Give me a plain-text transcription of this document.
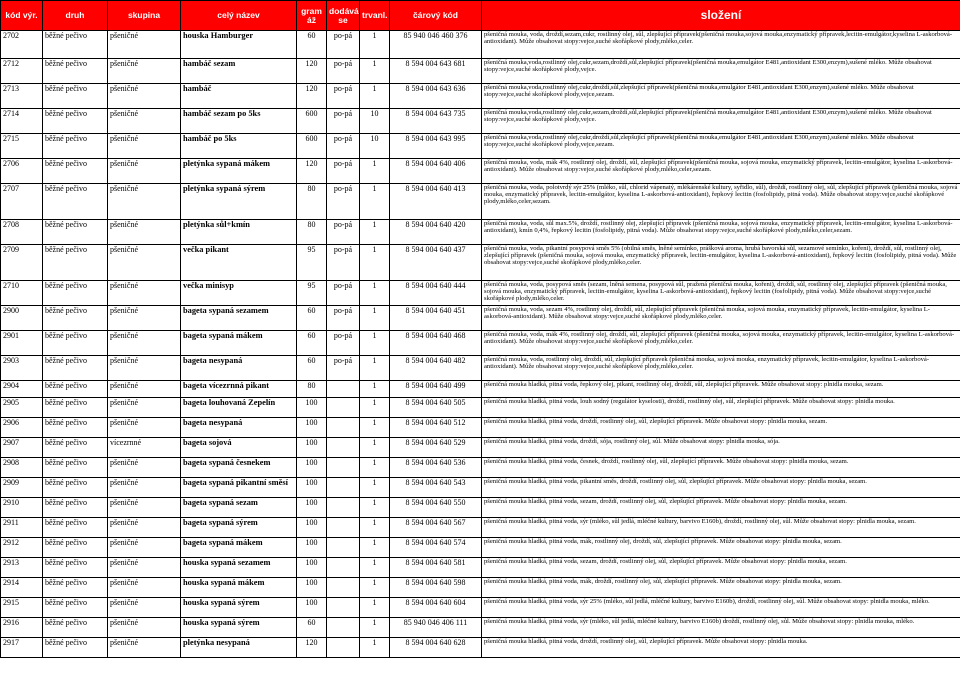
kód výr.	druh	skupina	celý název	gram áž	dodává se	trvanl.	čárový kód	složení
2702	běžné pečivo	pšeničné	houska Hamburger	60	po-pá	1	85 940 046 460 376	pšeničná mouka, voda, droždí,sezam,cukr, rostlinný olej, sůl, zlepšující přípravek(pšeničná mouka,sojová mouka,enzymatický přípravek,lecitin-emulgátor,kyselina L-askorbová-antioxidant). Může obsahovat stopy:vejce,suché skořápkové plody,mléko,celer.
2712	běžné pečivo	pšeničné	hambáč sezam	120	po-pá	1	8 594 004 643 681	pšeničná mouka,voda,rostlinný olej,cukr,sezam,droždí,sůl,zlepšující přípravek(pšeničná mouka,emulgátor E481,antioxidant E300,enzym),sušené mléko. Může obsahovat stopy:vejce,suché skořápkové plody,vejce.
2713	běžné pečivo	pšeničné	hambáč	120	po-pá	1	8 594 004 643 636	pšeničná mouka,voda,rostlinný olej,cukr,droždí,sůl,zlepšující přípravek(pšeničná mouka,emulgátor E481,antioxidant E300,enzym),sušené mléko. Může obsahovat stopy:vejce,suché skořápkové plody,vejce,sezam.
2714	běžné pečivo	pšeničné	hambáč sezam po 5ks	600	po-pá	10	8 594 004 643 735	pšeničná mouka,voda,rostlinný olej,cukr,sezam,droždí,sůl,zlepšující přípravek(pšeničná mouka,emulgátor E481,antioxidant E300,enzym),sušené mléko. Může obsahovat stopy:vejce,suché skořápkové plody,vejce.
2715	běžné pečivo	pšeničné	hambáč po 5ks	600	po-pá	10	8 594 004 643 995	pšeničná mouka,voda,rostlinný olej,cukr,droždí,sůl,zlepšující přípravek(pšeničná mouka,emulgátor E481,antioxidant E300,enzym),sušené mléko. Může obsahovat stopy:vejce,suché skořápkové plody,vejce,sezam.
2706	běžné pečivo	pšeničné	pletýnka sypaná mákem	120	po-pá	1	8 594 004 640 406	pšeničná mouka, voda, mák 4%, rostlinný olej, droždí, sůl, zlepšující přípravek(pšeničná mouka, sojová mouka, enzymatický přípravek, lecitin-emulgátor, kyselina L-askorbová-antioxidant). Může obsahovat stopy:vejce,suché skořápkové plody,mléko,celer,sezam.
2707	běžné pečivo	pšeničné	pletýnka sypaná sýrem	80	po-pá	1	8 594 004 640 413	pšeničná mouka, voda, polotvrdý sýr 25% (mléko, sůl, chlorid vápenatý, mlékárenské kultury, syřidlo, sůl), droždí, rostlinný olej, sůl, zlepšující přípravek (pšeničná mouka, sojová mouka, enzymatický přípravek, lecitin-emulgátor, kyselina L-askorbová-antioxidant), řepkový lecitin (fosfolipidy, pitná voda). Může obsahovat stopy:vejce,suché skořápkové plody,mléko,celer,sezam.
2708	běžné pečivo	pšeničné	pletýnka sůl+kmín	80	po-pá	1	8 594 004 640 420	pšeničná mouka, voda, sůl max.5%, droždí, rostlinný olej, zlepšující přípravek (pšeničná mouka, sojová mouka, enzymatický přípravek, lecitin-emulgátor, kyselina L-askorbová-antioxidant), kmín 0,4%, řepkový lecitin (fosfolipidy, pitná voda). Může obsahovat stopy:vejce,suché skořápkové plody,mléko,celer,sezam.
2709	běžné pečivo	pšeničné	večka pikant	95	po-pá	1	8 594 004 640 437	pšeničná mouka, voda, pikantní posypová směs 5% (obilná směs, lněné semínko, prášková aroma, hrubá bavorská sůl, sezamové semínko, kořeni), droždí, sůl, rostlinný olej, zlepšující přípravek (pšeničná mouka, sojová mouka, enzymatický přípravek, lecitin-emulgátor, kyselina L-askorbová-antioxidant), řepkový lecitin (fosfolipidy, pitná voda). Může obsahovat stopy:vejce,suché skořápkové plody,mléko,celer.
2710	běžné pečivo	pšeničné	večka minisyp	95	po-pá	1	8 594 004 640 444	pšeničná mouka, voda, posypová směs (sezam, lněná semena, posypová sůl, pražená pšeničná mouka, kořeni), droždí, sůl, rostlinný olej, zlepšující přípravek (pšeničná mouka, sojová mouka, enzymatický přípravek, lecitin-emulgátor, kyselina L-askorbová-antioxidant), řepkový lecitin (fosfolipidy, pitná voda). Může obsahovat stopy:vejce,suché skořápkové plody,mléko,celer.
2900	běžné pečivo	pšeničné	bageta sypaná sezamem	60	po-pá	1	8 594 004 640 451	pšeničná mouka, voda, sezam 4%, rostlinný olej, droždí, sůl, zlepšující přípravek (pšeničná mouka, sojová mouka, enzymatický přípravek, lecitin-emulgátor, kyselina L-askorbová-antioxidant). Může obsahovat stopy:vejce,suché skořápkové plody,mléko,celer.
2901	běžné pečivo	pšeničné	bageta sypaná mákem	60	po-pá	1	8 594 004 640 468	pšeničná mouka, voda, mák 4%, rostlinný olej, droždí, sůl, zlepšující přípravek (pšeničná mouka, sojová mouka, enzymatický přípravek, lecitin-emulgátor, kyselina L-askorbová-antioxidant). Může obsahovat stopy:vejce,suché skořápkové plody,mléko,celer.
2903	běžné pečivo	pšeničné	bageta nesypaná	60	po-pá	1	8 594 004 640 482	pšeničná mouka, voda, rostlinný olej, droždí, sůl, zlepšující přípravek (pšeničná mouka, sojová mouka, enzymatický přípravek, lecitin-emulgátor, kyselina L-askorbová-antioxidant). Může obsahovat stopy:vejce,suché skořápkové plody,mléko,celer.
2904	běžné pečivo	pšeničné	bageta vícezrnná pikant	80		1	8 594 004 640 499	pšeničná mouka hladká, pitná voda, řepkový olej, pikant, rostlinný olej, droždí, sůl, zlepšující přípravek. Může obsahovat stopy: plnidla mouka, sezam.
2905	běžné pečivo	pšeničné	bageta louhovaná Zepelín	100		1	8 594 004 640 505	pšeničná mouka hladká, pitná voda, louh sodný (regulátor kyselosti), droždí, rostlinný olej, sůl, zlepšující přípravek. Může obsahovat stopy: plnidla mouka.
2906	běžné pečivo	pšeničné	bageta nesypaná	100		1	8 594 004 640 512	pšeničná mouka hladká, pitná voda, droždí, rostlinný olej, sůl, zlepšující přípravek. Může obsahovat stopy: plnidla mouka, sezam.
2907	běžné pečivo	vícezrnné	bageta sojová	100		1	8 594 004 640 529	pšeničná mouka hladká, pitná voda, droždí, sója, rostlinný olej, sůl. Může obsahovat stopy: plnidla mouka, sója.
2908	běžné pečivo	pšeničné	bageta sypaná česnekem	100		1	8 594 004 640 536	pšeničná mouka hladká, pitná voda, česnek, droždí, rostlinný olej, sůl, zlepšující přípravek. Může obsahovat stopy: plnidla mouka, sezam.
2909	běžné pečivo	pšeničné	bageta sypaná pikantní směsí	100		1	8 594 004 640 543	pšeničná mouka hladká, pitná voda, pikantní směs, droždí, rostlinný olej, sůl, zlepšující přípravek. Může obsahovat stopy: plnidla mouka, sezam.
2910	běžné pečivo	pšeničné	bageta sypaná sezam	100		1	8 594 004 640 550	pšeničná mouka hladká, pitná voda, sezam, droždí, rostlinný olej, sůl, zlepšující přípravek. Může obsahovat stopy: plnidla mouka, sezam.
2911	běžné pečivo	pšeničné	bageta sypaná sýrem	100		1	8 594 004 640 567	pšeničná mouka hladká, pitná voda, sýr (mléko, sůl jedlá, mléčné kultury, barvivo E160b), droždí, rostlinný olej, sůl. Může obsahovat stopy: plnidla mouka, sezam.
2912	běžné pečivo	pšeničné	bageta sypaná mákem	100		1	8 594 004 640 574	pšeničná mouka hladká, pitná voda, mák, rostlinný olej, droždí, sůl, zlepšující přípravek. Může obsahovat stopy: plnidla mouka, sezam.
2913	běžné pečivo	pšeničné	houska sypaná sezamem	100		1	8 594 004 640 581	pšeničná mouka hladká, pitná voda, sezam, droždí, rostlinný olej, sůl, zlepšující přípravek. Může obsahovat stopy: plnidla mouka, sezam.
2914	běžné pečivo	pšeničné	houska sypaná mákem	100		1	8 594 004 640 598	pšeničná mouka hladká, pitná voda, mák, droždí, rostlinný olej, sůl, zlepšující přípravek. Může obsahovat stopy: plnidla mouka, sezam.
2915	běžné pečivo	pšeničné	houska sypaná sýrem	100		1	8 594 004 640 604	pšeničná mouka hladká, pitná voda, sýr 25% (mléko, sůl jedlá, mléčné kultury, barvivo E160b), droždí, rostlinný olej, sůl. Může obsahovat stopy: plnidla mouka, mléko.
2916	běžné pečivo	pšeničné	houska sypaná sýrem	60		1	85 940 046 406 111	pšeničná mouka hladká, pitná voda, sýr (mléko, sůl jedlá, mléčné kultury, barvivo E160b) droždí, rostlinný olej, sůl. Může obsahovat stopy: plnidla mouka, mléko.
2917	běžné pečivo	pšeničné	pletýnka nesypaná	120		1	8 594 004 640 628	pšeničná mouka hladká, pitná voda, droždí, rostlinný olej, sůl, zlepšující přípravek. Může obsahovat stopy: plnidla mouka.
